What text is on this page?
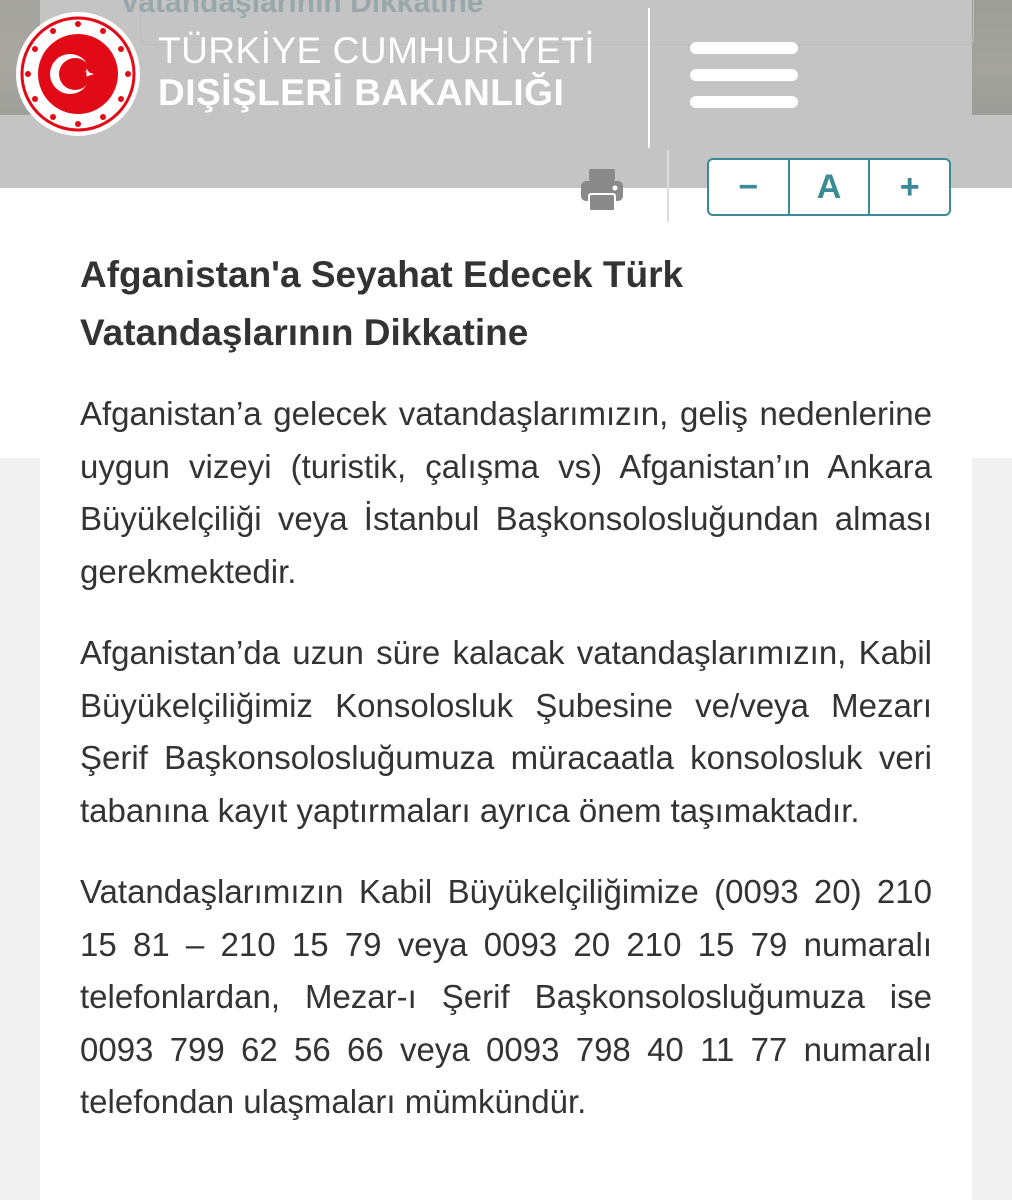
TÜRKİYE CUMHURİYETİ
DIŞİŞLERİ BAKANLIĞI
−	A	+
Afganistan'a Seyahat Edecek Türk Vatandaşlarının Dikkatine

Afganistan’a gelecek vatandaşlarımızın, geliş nedenlerine uygun vizeyi (turistik, çalışma vs) Afganistan’ın Ankara Büyükelçiliği veya İstanbul Başkonsolosluğundan alması gerekmektedir.

Afganistan’da uzun süre kalacak vatandaşlarımızın, Kabil Büyükelçiliğimiz Konsolosluk Şubesine ve/veya Mezarı Şerif Başkonsolosluğumuza müracaatla konsolosluk veri tabanına kayıt yaptırmaları ayrıca önem taşımaktadır.

Vatandaşlarımızın Kabil Büyükelçiliğimize (0093 20) 210 15 81 – 210 15 79 veya 0093 20 210 15 79 numaralı telefonlardan, Mezar-ı Şerif Başkonsolosluğumuza ise 0093 799 62 56 66 veya 0093 798 40 11 77 numaralı telefondan ulaşmaları mümkündür.
